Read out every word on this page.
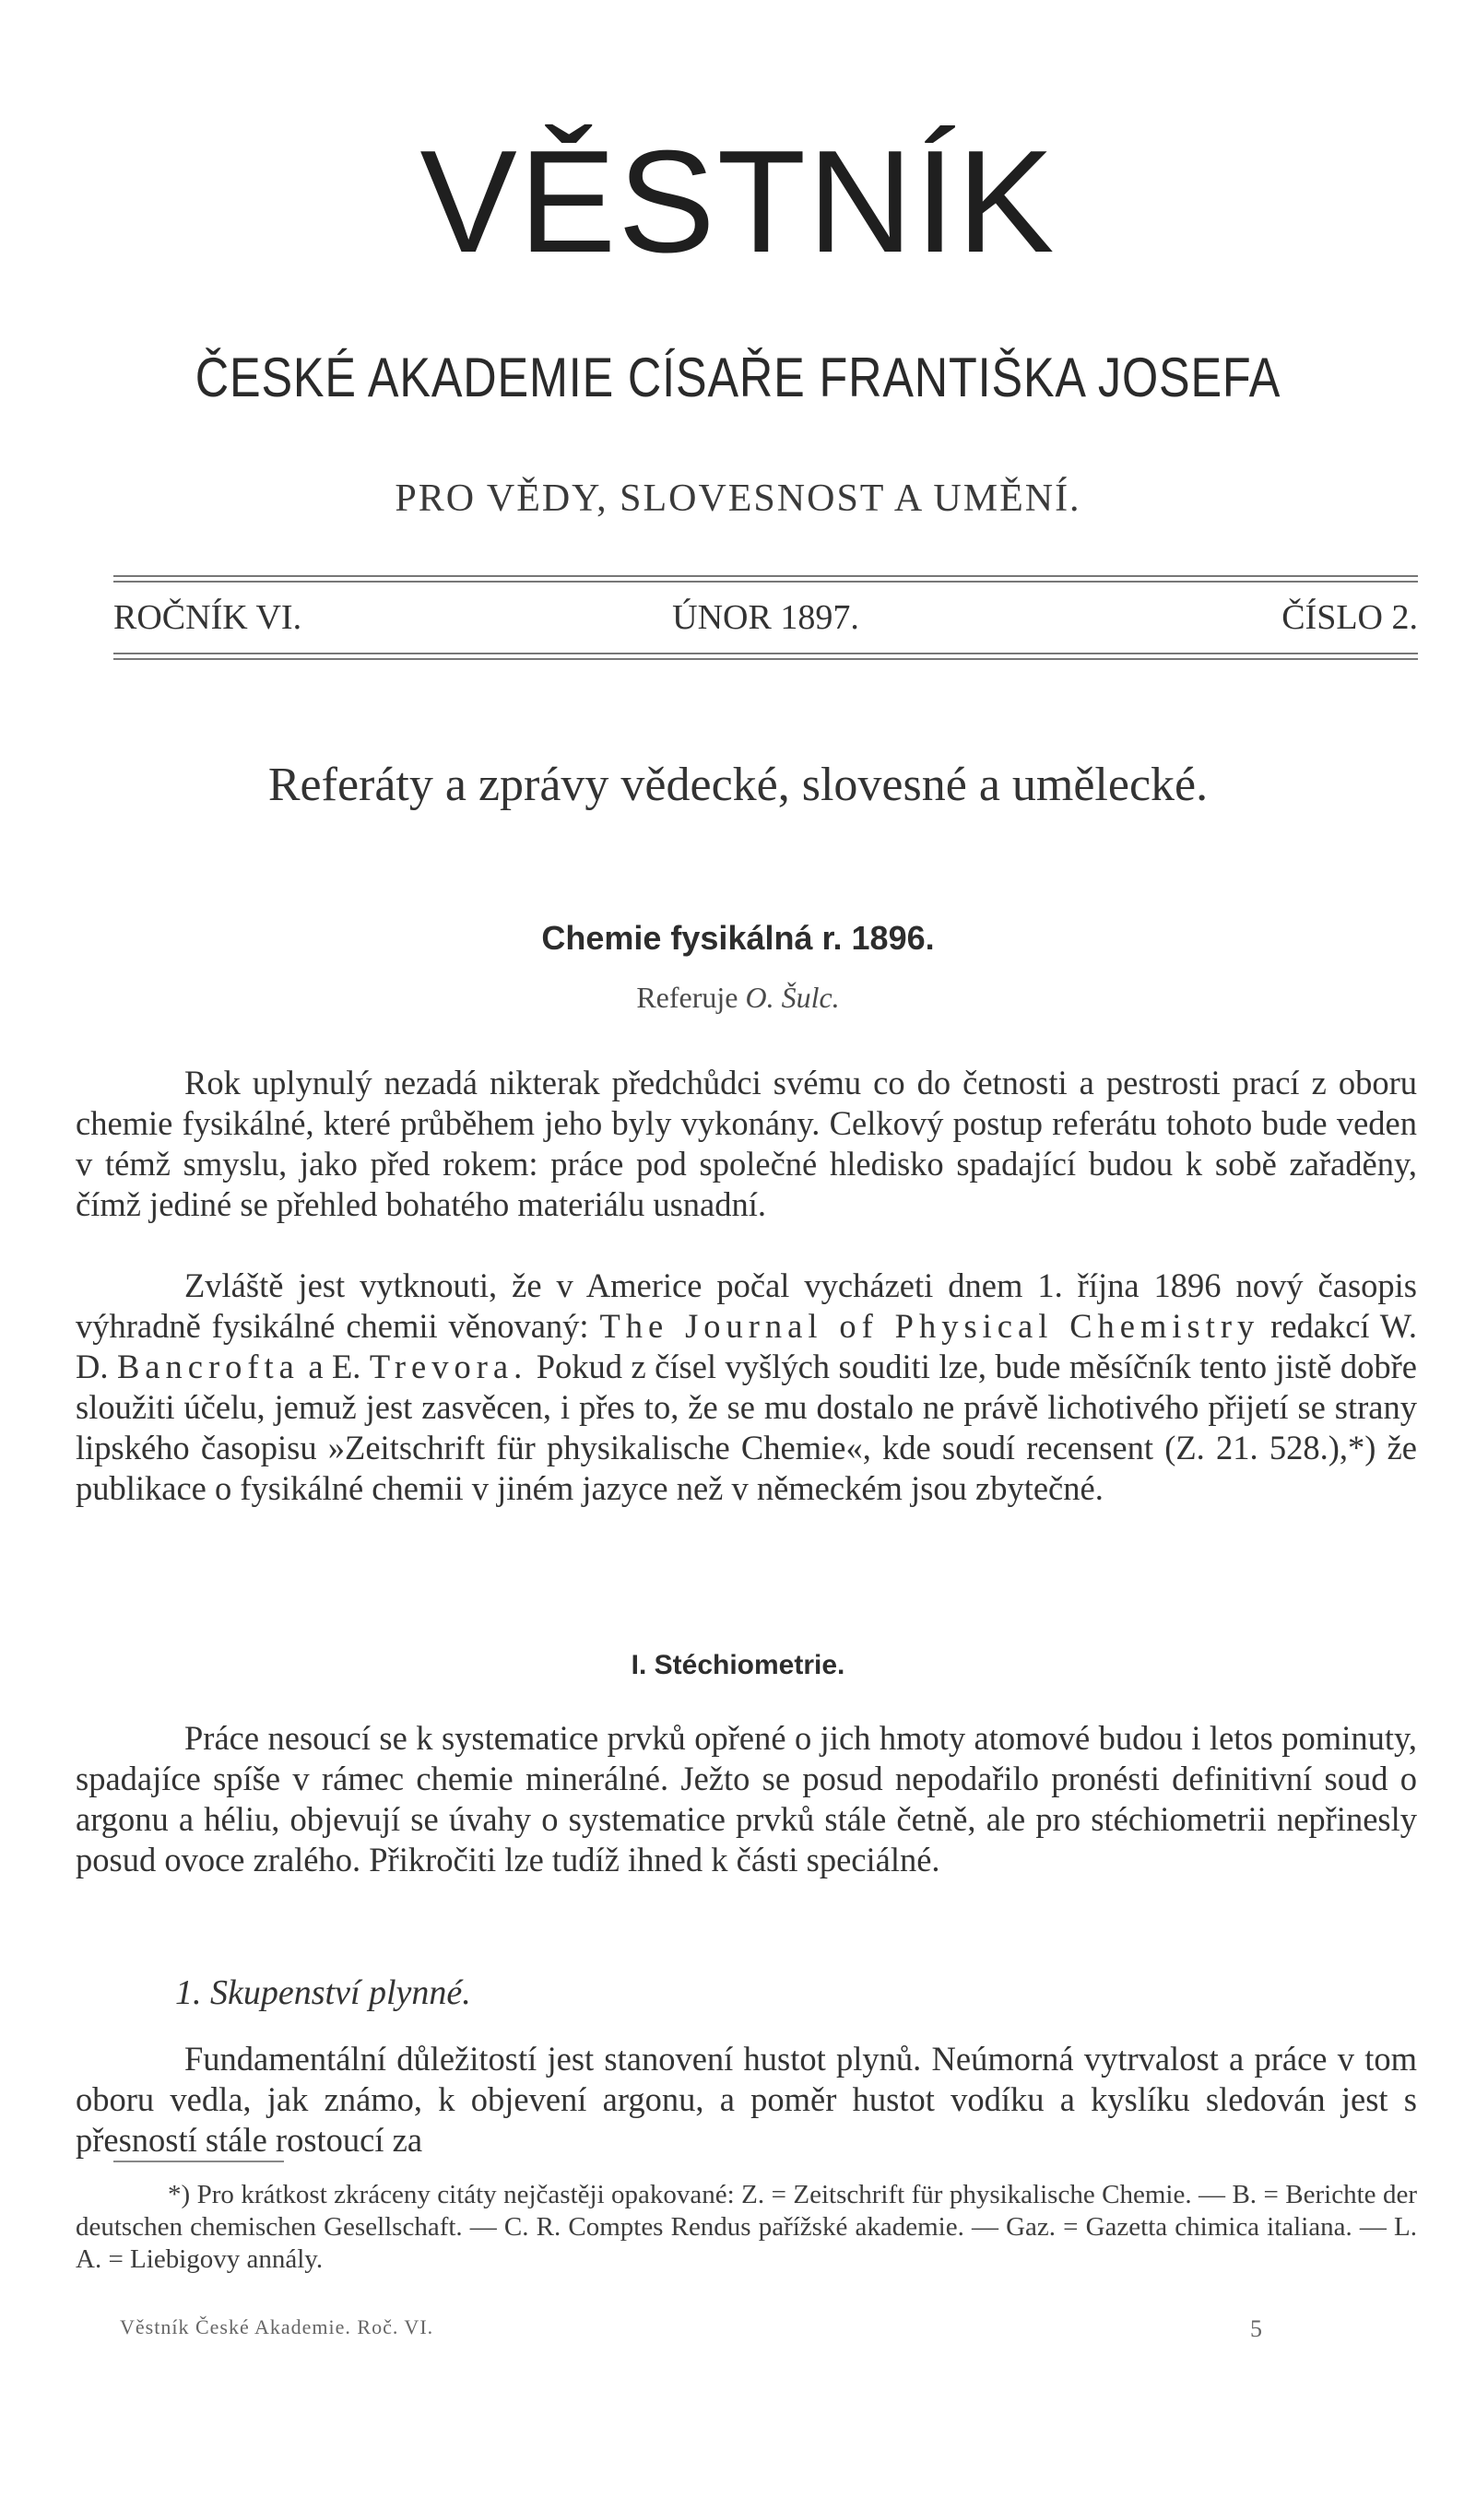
VĚSTNÍK
ČESKÉ AKADEMIE CÍSAŘE FRANTIŠKA JOSEFA
PRO VĚDY, SLOVESNOST A UMĚNÍ.
ROČNÍK VI.	ÚNOR 1897.	ČÍSLO 2.
Referáty a zprávy vědecké, slovesné a umělecké.
Chemie fysikálná r. 1896.
Referuje O. Šulc.

Rok uplynulý nezadá nikterak předchůdci svému co do četnosti a pestrosti prací z oboru chemie fysikálné, které průběhem jeho byly vykonány. Celkový postup referátu tohoto bude veden v témž smyslu, jako před rokem: práce pod společné hledisko spadající budou k sobě zařaděny, čímž jediné se přehled bohatého materiálu usnadní.

Zvláště jest vytknouti, že v Americe počal vycházeti dnem 1. října 1896 nový časopis výhradně fysikálné chemii věnovaný: The Journal of Physical Chemistry redakcí W. D. Bancrofta a E. Trevora. Pokud z čísel vyšlých souditi lze, bude měsíčník tento jistě dobře sloužiti účelu, jemuž jest zasvěcen, i přes to, že se mu dostalo ne právě lichotivého přijetí se strany lipského časopisu »Zeitschrift für physikalische Chemie«, kde soudí recensent (Z. 21. 528.),*) že publikace o fysikálné chemii v jiném jazyce než v německém jsou zbytečné.

I. Stéchiometrie.

Práce nesoucí se k systematice prvků opřené o jich hmoty atomové budou i letos pominuty, spadajíce spíše v rámec chemie minerálné. Ježto se posud nepodařilo pronésti definitivní soud o argonu a héliu, objevují se úvahy o systematice prvků stále četně, ale pro stéchiometrii nepřinesly posud ovoce zralého. Přikročiti lze tudíž ihned k části speciálné.

1. Skupenství plynné.

Fundamentální důležitostí jest stanovení hustot plynů. Neúmorná vytrvalost a práce v tom oboru vedla, jak známo, k objevení argonu, a poměr hustot vodíku a kyslíku sledován jest s přesností stále rostoucí za

*) Pro krátkost zkráceny citáty nejčastěji opakované: Z. = Zeitschrift für physikalische Chemie. — B. = Berichte der deutschen chemischen Gesellschaft. — C. R. Comptes Rendus pařížské akademie. — Gaz. = Gazetta chimica italiana. — L. A. = Liebigovy annály.

Věstník České Akademie. Roč. VI.	5
